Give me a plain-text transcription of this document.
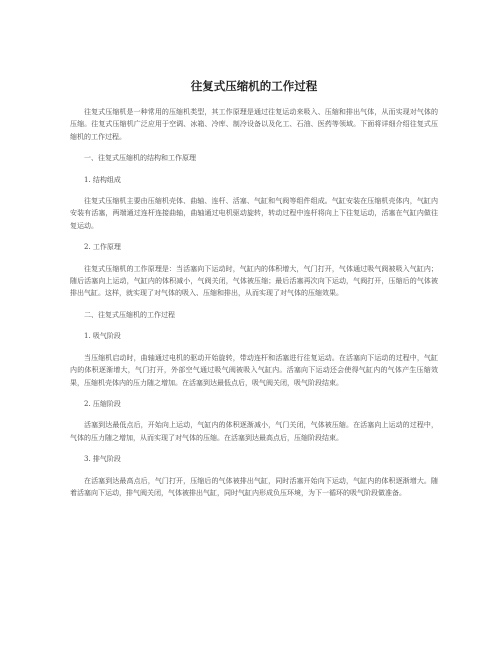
往复式压缩机的工作过程

往复式压缩机是一种常用的压缩机类型，其工作原理是通过往复运动来吸入、压缩和排出气体，从而实现对气体的压缩。往复式压缩机广泛应用于空调、冰箱、冷库、制冷设备以及化工、石油、医药等领域。下面将详细介绍往复式压缩机的工作过程。

一、往复式压缩机的结构和工作原理
1. 结构组成

往复式压缩机主要由压缩机壳体、曲轴、连杆、活塞、气缸和气阀等组件组成。气缸安装在压缩机壳体内，气缸内安装有活塞，两端通过连杆连接曲轴，曲轴通过电机驱动旋转，转动过程中连杆将向上下往复运动，活塞在气缸内做往复运动。

2. 工作原理

往复式压缩机的工作原理是：当活塞向下运动时，气缸内的体积增大，气门打开，气体通过吸气阀被吸入气缸内；随后活塞向上运动，气缸内的体积减小，气阀关闭，气体被压缩；最后活塞再次向下运动，气阀打开，压缩后的气体被排出气缸。这样，就实现了对气体的吸入、压缩和排出，从而实现了对气体的压缩效果。

二、往复式压缩机的工作过程
1. 吸气阶段

当压缩机启动时，曲轴通过电机的驱动开始旋转，带动连杆和活塞进行往复运动。在活塞向下运动的过程中，气缸内的体积逐渐增大，气门打开，外部空气通过吸气阀被吸入气缸内。活塞向下运动还会使得气缸内的气体产生压缩效果，压缩机壳体内的压力随之增加。在活塞到达最低点后，吸气阀关闭，吸气阶段结束。

2. 压缩阶段

活塞到达最低点后，开始向上运动，气缸内的体积逐渐减小，气门关闭，气体被压缩。在活塞向上运动的过程中，气体的压力随之增加，从而实现了对气体的压缩。在活塞到达最高点后，压缩阶段结束。

3. 排气阶段

在活塞到达最高点后，气门打开，压缩后的气体被排出气缸，同时活塞开始向下运动，气缸内的体积逐渐增大。随着活塞向下运动，排气阀关闭，气体被排出气缸，同时气缸内形成负压环境，为下一循环的吸气阶段做准备。
